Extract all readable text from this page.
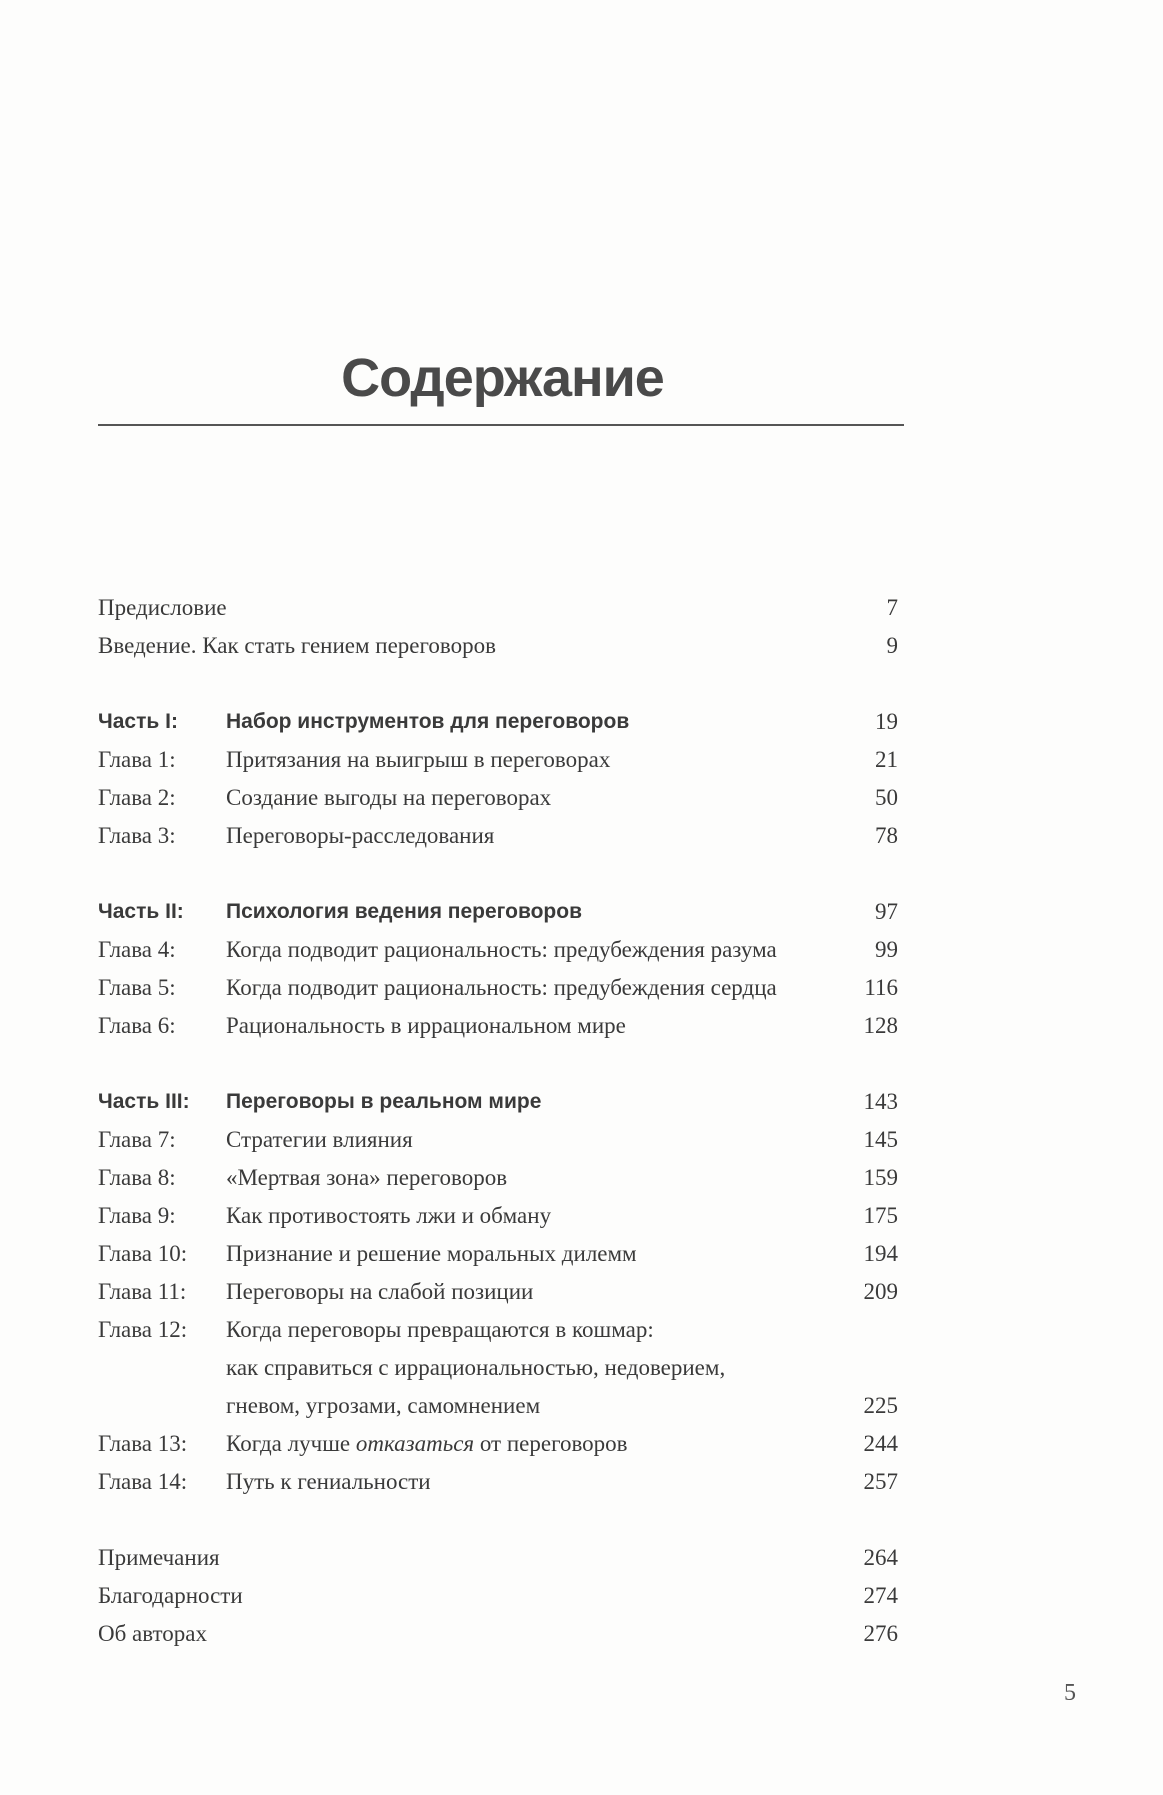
Содержание
Предисловие	7
Введение. Как стать гением переговоров	9
Часть I: Набор инструментов для переговоров	19
Глава 1: Притязания на выигрыш в переговорах	21
Глава 2: Создание выгоды на переговорах	50
Глава 3: Переговоры-расследования	78
Часть II: Психология ведения переговоров	97
Глава 4: Когда подводит рациональность: предубеждения разума	99
Глава 5: Когда подводит рациональность: предубеждения сердца	116
Глава 6: Рациональность в иррациональном мире	128
Часть III: Переговоры в реальном мире	143
Глава 7: Стратегии влияния	145
Глава 8: «Мертвая зона» переговоров	159
Глава 9: Как противостоять лжи и обману	175
Глава 10: Признание и решение моральных дилемм	194
Глава 11: Переговоры на слабой позиции	209
Глава 12: Когда переговоры превращаются в кошмар:
как справиться с иррациональностью, недоверием,
гневом, угрозами, самомнением	225
Глава 13: Когда лучше отказаться от переговоров	244
Глава 14: Путь к гениальности	257
Примечания	264
Благодарности	274
Об авторах	276
5
